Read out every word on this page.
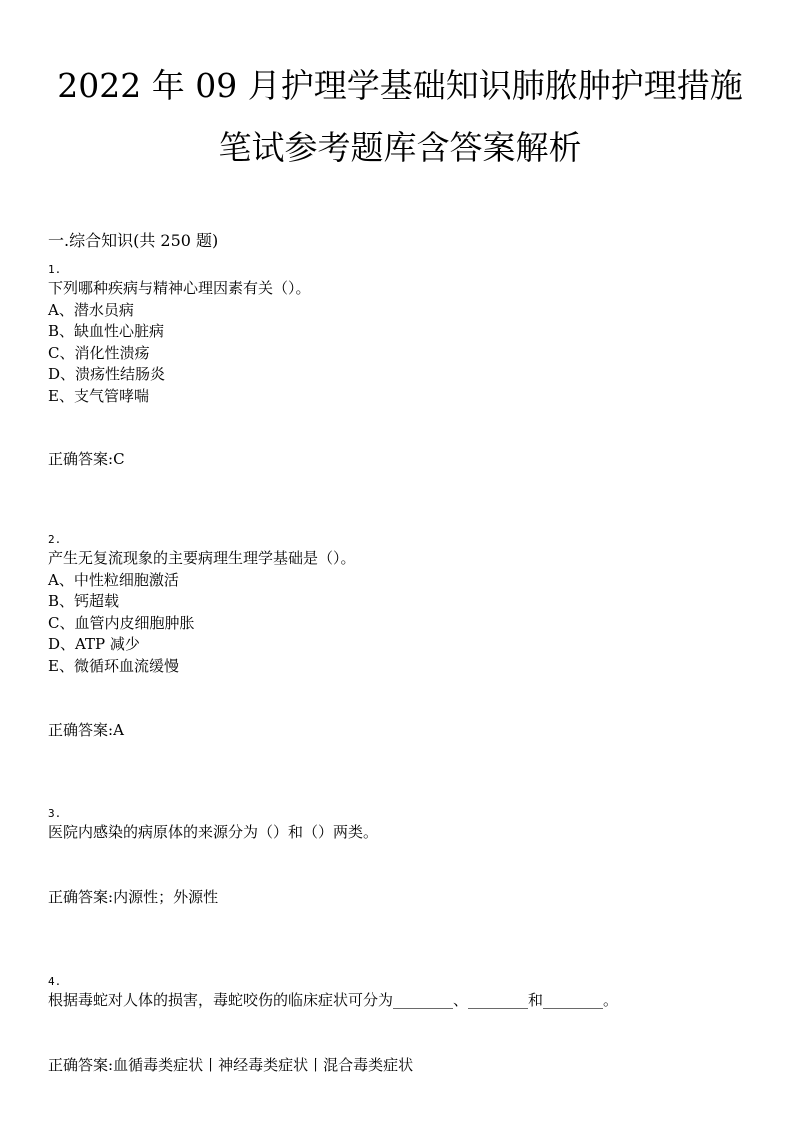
2022 年 09 月护理学基础知识肺脓肿护理措施
笔试参考题库含答案解析
一.综合知识(共 250 题)
1.
下列哪种疾病与精神心理因素有关（）。
A、潜水员病
B、缺血性心脏病
C、消化性溃疡
D、溃疡性结肠炎
E、支气管哮喘
正确答案:C
2.
产生无复流现象的主要病理生理学基础是（）。
A、中性粒细胞激活
B、钙超载
C、血管内皮细胞肿胀
D、ATP 减少
E、微循环血流缓慢
正确答案:A
3.
医院内感染的病原体的来源分为（）和（）两类。
正确答案:内源性；外源性
4.
根据毒蛇对人体的损害，毒蛇咬伤的临床症状可分为________、________和________。
正确答案:血循毒类症状丨神经毒类症状丨混合毒类症状
